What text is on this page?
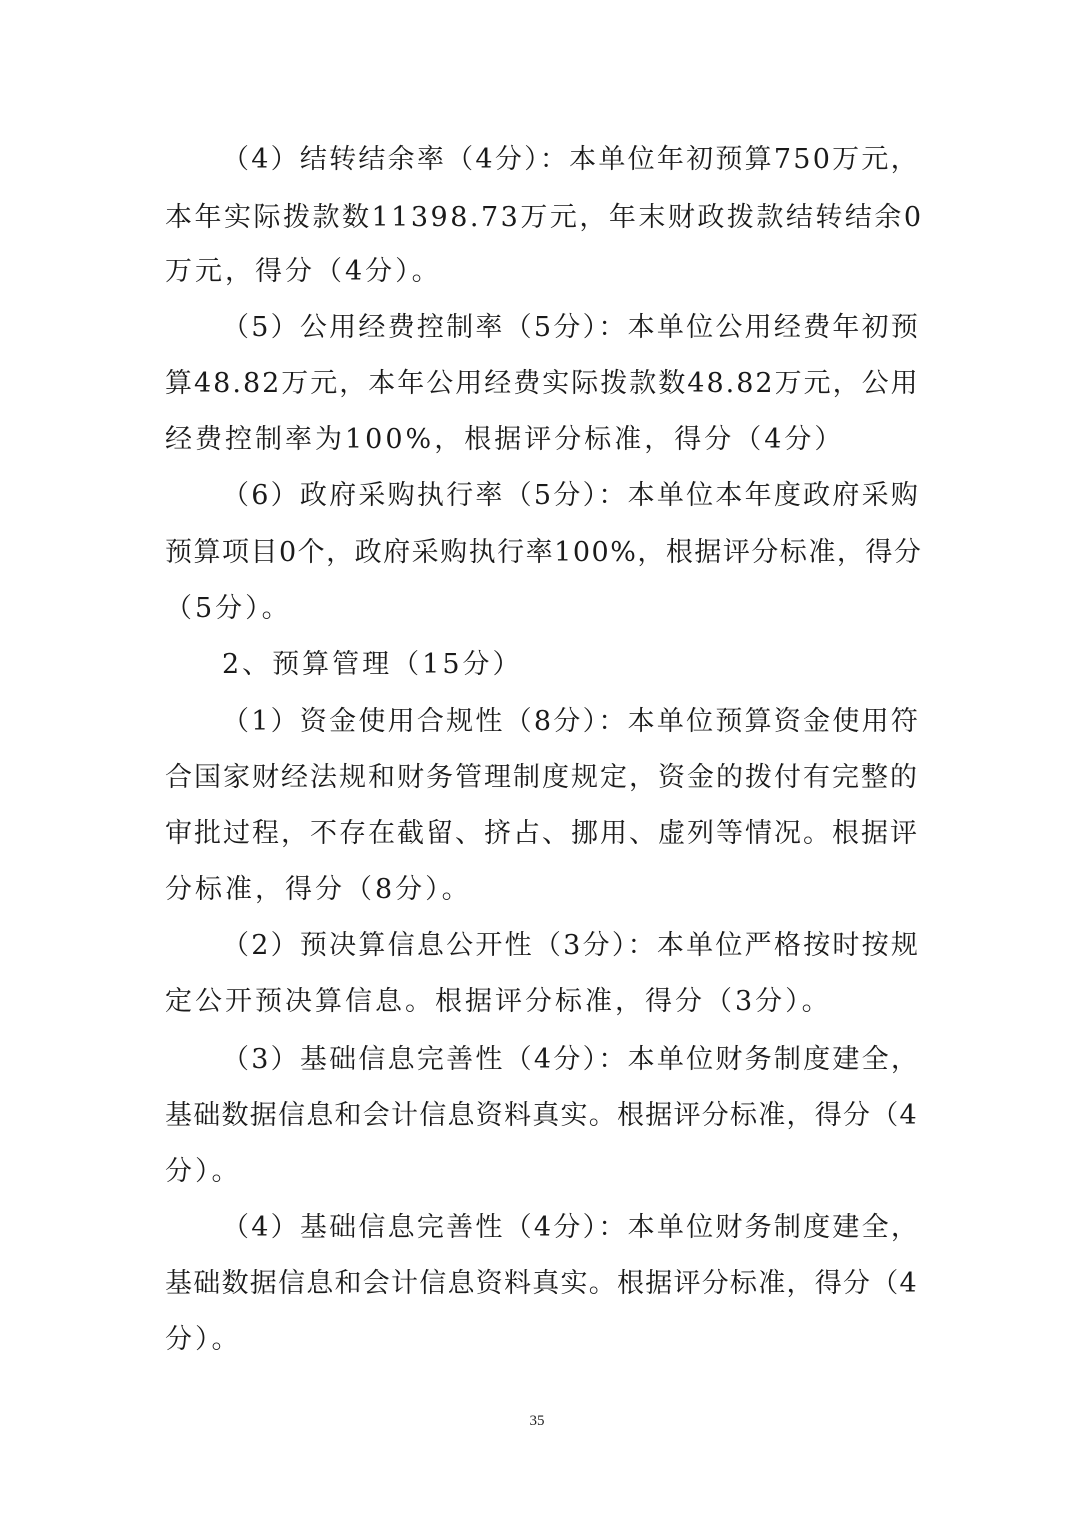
（4）结转结余率（4分）：本单位年初预算750万元，
本年实际拨款数11398.73万元，年末财政拨款结转结余0
万元，得分（4分）。
（5）公用经费控制率（5分）：本单位公用经费年初预
算48.82万元，本年公用经费实际拨款数48.82万元，公用
经费控制率为100%，根据评分标准，得分（4分）
（6）政府采购执行率（5分）：本单位本年度政府采购
预算项目0个，政府采购执行率100%，根据评分标准，得分
（5分）。
2、预算管理（15分）
（1）资金使用合规性（8分）：本单位预算资金使用符
合国家财经法规和财务管理制度规定，资金的拨付有完整的
审批过程，不存在截留、挤占、挪用、虚列等情况。根据评
分标准，得分（8分）。
（2）预决算信息公开性（3分）：本单位严格按时按规
定公开预决算信息。根据评分标准，得分（3分）。
（3）基础信息完善性（4分）：本单位财务制度建全，
基础数据信息和会计信息资料真实。根据评分标准，得分（4
分）。
（4）基础信息完善性（4分）：本单位财务制度建全，
基础数据信息和会计信息资料真实。根据评分标准，得分（4
分）。
35
